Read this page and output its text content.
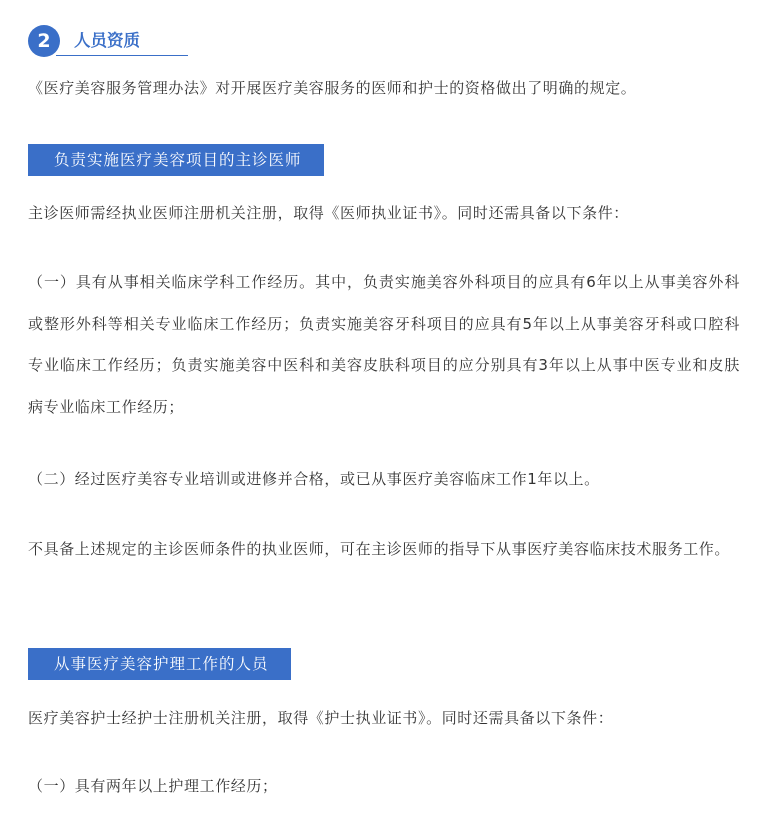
2	人员资质

《医疗美容服务管理办法》对开展医疗美容服务的医师和护士的资格做出了明确的规定。

负责实施医疗美容项目的主诊医师

主诊医师需经执业医师注册机关注册，取得《医师执业证书》。同时还需具备以下条件：

（一）具有从事相关临床学科工作经历。其中，负责实施美容外科项目的应具有6年以上从事美容外科或整形外科等相关专业临床工作经历；负责实施美容牙科项目的应具有5年以上从事美容牙科或口腔科专业临床工作经历；负责实施美容中医科和美容皮肤科项目的应分别具有3年以上从事中医专业和皮肤病专业临床工作经历；

（二）经过医疗美容专业培训或进修并合格，或已从事医疗美容临床工作1年以上。

不具备上述规定的主诊医师条件的执业医师，可在主诊医师的指导下从事医疗美容临床技术服务工作。

从事医疗美容护理工作的人员

医疗美容护士经护士注册机关注册，取得《护士执业证书》。同时还需具备以下条件：

（一）具有两年以上护理工作经历；
